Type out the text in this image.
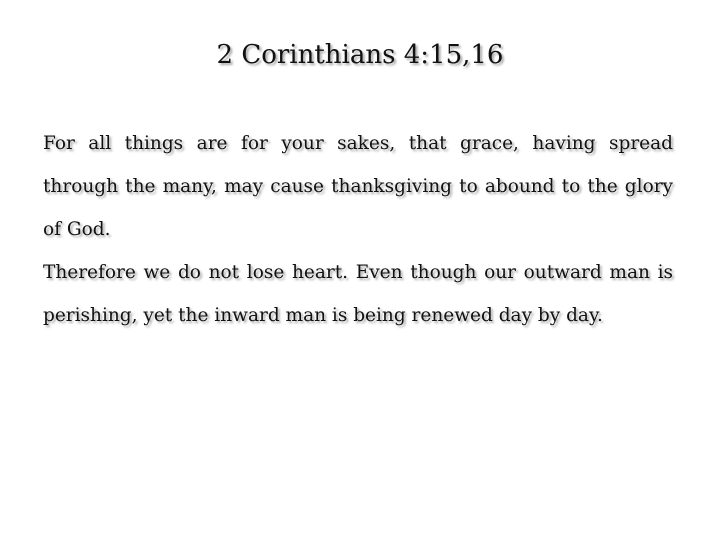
2 Corinthians 4:15,16

For all things are for your sakes, that grace, having spread through the many, may cause thanksgiving to abound to the glory of God.

Therefore we do not lose heart. Even though our outward man is perishing, yet the inward man is being renewed day by day.
